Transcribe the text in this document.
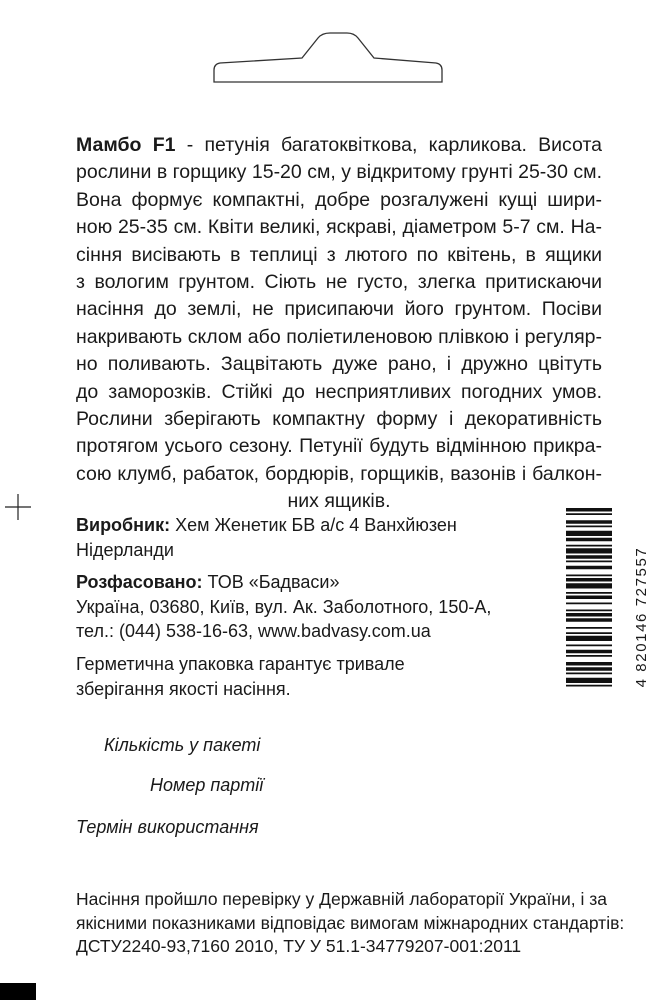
Мамбо F1 - петунія багатоквіткова, карликова. Висота
рослини в горщику 15-20 см, у відкритому грунті 25-30 см.
Вона формує компактні, добре розгалужені кущі шири-
ною 25-35 см. Квіти великі, яскраві, діаметром 5-7 см. На-
сіння висівають в теплиці з лютого по квітень, в ящики
з вологим грунтом. Сіють не густо, злегка притискаючи
насіння до землі, не присипаючи його грунтом. Посіви
накривають склом або поліетиленовою плівкою і регуляр-
но поливають. Зацвітають дуже рано, і дружно цвітуть
до заморозків. Стійкі до несприятливих погодних умов.
Рослини зберігають компактну форму і декоративність
протягом усього сезону. Петунії будуть відмінною прикра-
сою клумб, рабаток, бордюрів, горщиків, вазонів і балкон-
них ящиків.
Виробник: Хем Женетик БВ а/с 4 Ванхйюзен
Нідерланди
Розфасовано: ТОВ «Бадваси»
Україна, 03680, Київ, вул. Ак. Заболотного, 150-А,
тел.: (044) 538-16-63, www.badvasy.com.ua
Герметична упаковка гарантує тривале
зберігання якості насіння.
4 820146 727557
Кількість у пакеті
Номер партії
Термін використання
Насіння пройшло перевірку у Державній лабораторії України, і за
якісними показниками відповідає вимогам міжнародних стандартів:
ДСТУ2240-93,7160 2010, ТУ У 51.1-34779207-001:2011
